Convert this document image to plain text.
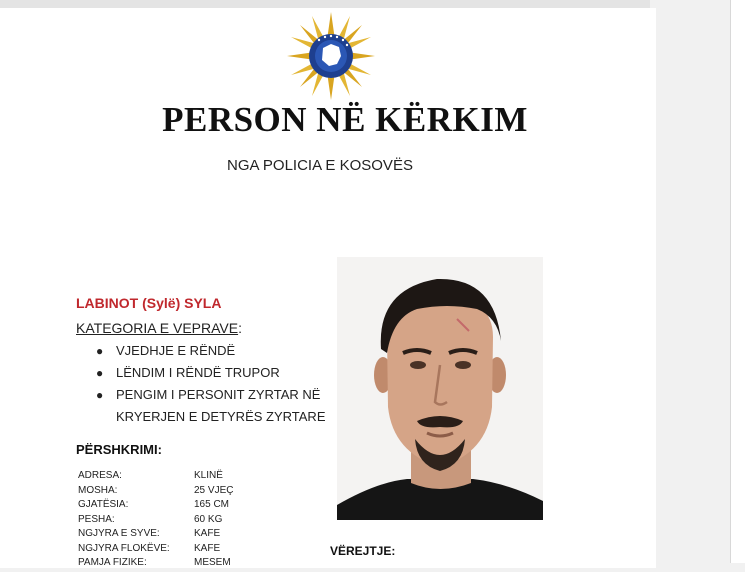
PERSON NË KËRKIM
NGA POLICIA E KOSOVËS
LABINOT (Sylë) SYLA
KATEGORIA E VEPRAVE:
● VJEDHJE E RËNDË
● LËNDIM I RËNDË TRUPOR
● PENGIM I PERSONIT ZYRTAR NË
KRYERJEN E DETYRËS ZYRTARE
PËRSHKRIMI:
ADRESA:	KLINË
MOSHA:	25 VJEÇ
GJATËSIA:	165 CM
PESHA:	60 KG
NGJYRA E SYVE:	KAFE
NGJYRA FLOKËVE: KAFE
PAMJA FIZIKE:	MESEM
VËREJTJE:
